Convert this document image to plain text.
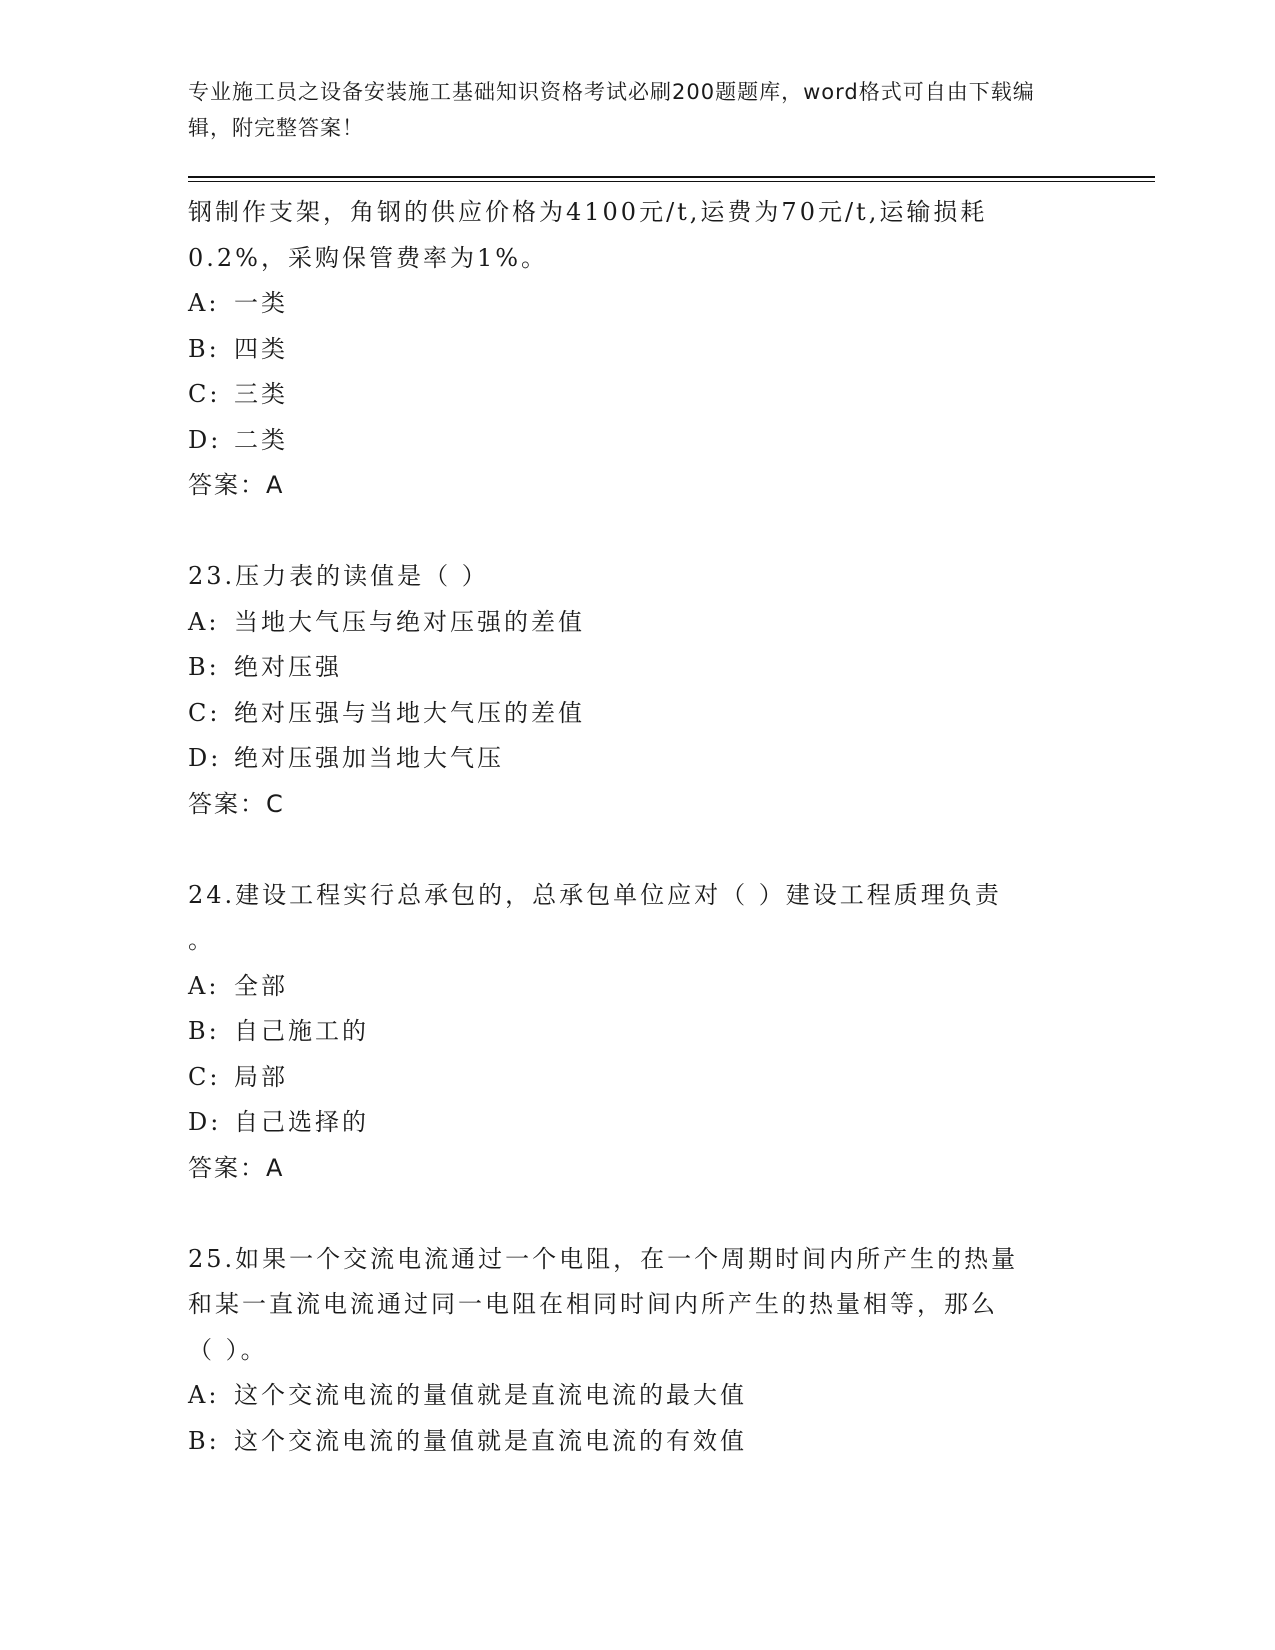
专业施工员之设备安装施工基础知识资格考试必刷200题题库，word格式可自由下载编辑，附完整答案！
钢制作支架，角钢的供应价格为4100元/t,运费为70元/t,运输损耗
0.2%，采购保管费率为1%。
A: 一类
B: 四类
C: 三类
D: 二类
答案：A
23.压力表的读值是（ ）
A: 当地大气压与绝对压强的差值
B: 绝对压强
C: 绝对压强与当地大气压的差值
D: 绝对压强加当地大气压
答案：C
24.建设工程实行总承包的，总承包单位应对（ ）建设工程质理负责
。
A: 全部
B: 自己施工的
C: 局部
D: 自己选择的
答案：A
25.如果一个交流电流通过一个电阻，在一个周期时间内所产生的热量
和某一直流电流通过同一电阻在相同时间内所产生的热量相等，那么
（ ）。
A: 这个交流电流的量值就是直流电流的最大值
B: 这个交流电流的量值就是直流电流的有效值
